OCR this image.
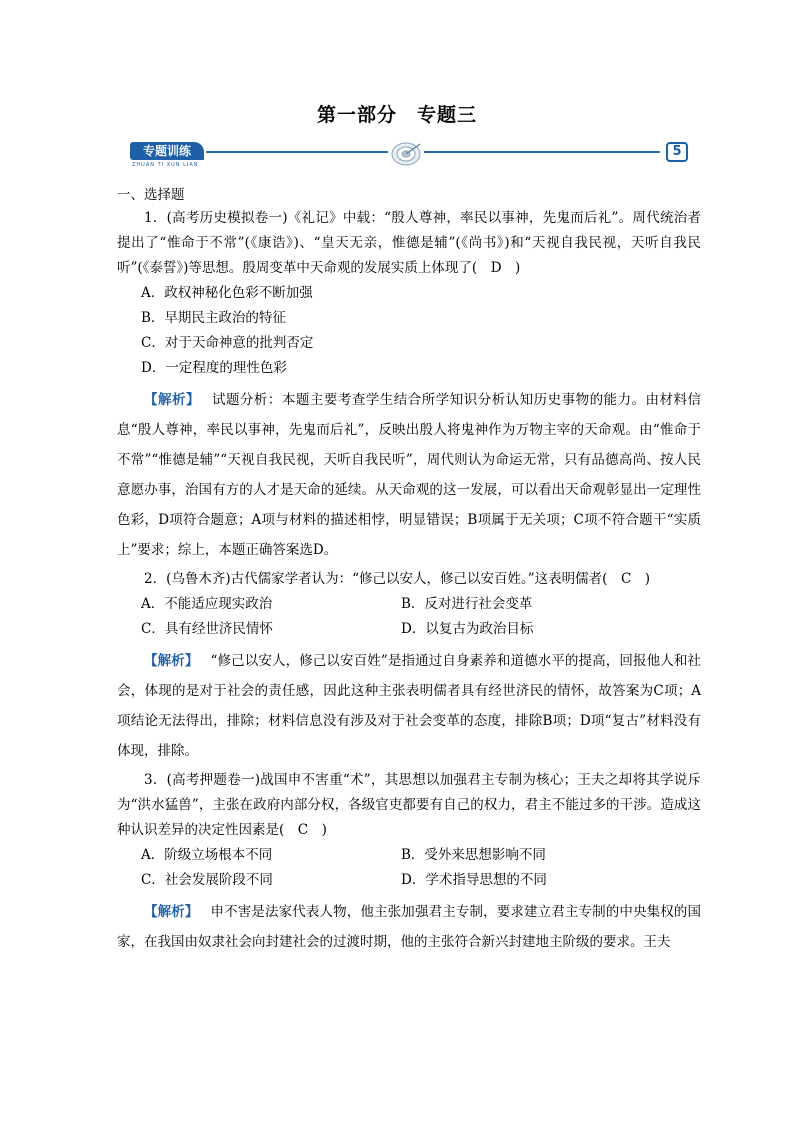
第一部分　专题三
专题训练
ZHUAN TI XUN LIAN
5

一、选择题

1．(高考历史模拟卷一)《礼记》中载：“殷人尊神，率民以事神，先鬼而后礼”。周代统治者提出了“惟命于不常”(《康诰》)、“皇天无亲，惟德是辅”(《尚书》)和“天视自我民视，天听自我民听”(《泰誓》)等思想。殷周变革中天命观的发展实质上体现了(　D　)

A．政权神秘化色彩不断加强

B．早期民主政治的特征

C．对于天命神意的批判否定

D．一定程度的理性色彩

【解析】 试题分析：本题主要考查学生结合所学知识分析认知历史事物的能力。由材料信息“殷人尊神，率民以事神，先鬼而后礼”，反映出殷人将鬼神作为万物主宰的天命观。由“惟命于不常”“惟德是辅”“天视自我民视，天听自我民听”，周代则认为命运无常，只有品德高尚、按人民意愿办事，治国有方的人才是天命的延续。从天命观的这一发展，可以看出天命观彰显出一定理性色彩，D项符合题意；A项与材料的描述相悖，明显错误；B项属于无关项；C项不符合题干“实质上”要求；综上，本题正确答案选D。

2．(乌鲁木齐)古代儒家学者认为：“修己以安人，修己以安百姓。”这表明儒者(　C　)

A．不能适应现实政治	B．反对进行社会变革
C．具有经世济民情怀	D．以复古为政治目标

【解析】 “修己以安人，修己以安百姓”是指通过自身素养和道德水平的提高，回报他人和社会，体现的是对于社会的责任感，因此这种主张表明儒者具有经世济民的情怀，故答案为C项；A项结论无法得出，排除；材料信息没有涉及对于社会变革的态度，排除B项；D项“复古”材料没有体现，排除。

3．(高考押题卷一)战国申不害重“术”，其思想以加强君主专制为核心；王夫之却将其学说斥为“洪水猛兽”，主张在政府内部分权，各级官吏都要有自己的权力，君主不能过多的干涉。造成这种认识差异的决定性因素是(　C　)

A．阶级立场根本不同	B．受外来思想影响不同
C．社会发展阶段不同	D．学术指导思想的不同

【解析】 申不害是法家代表人物，他主张加强君主专制，要求建立君主专制的中央集权的国家，在我国由奴隶社会向封建社会的过渡时期，他的主张符合新兴封建地主阶级的要求。王夫
